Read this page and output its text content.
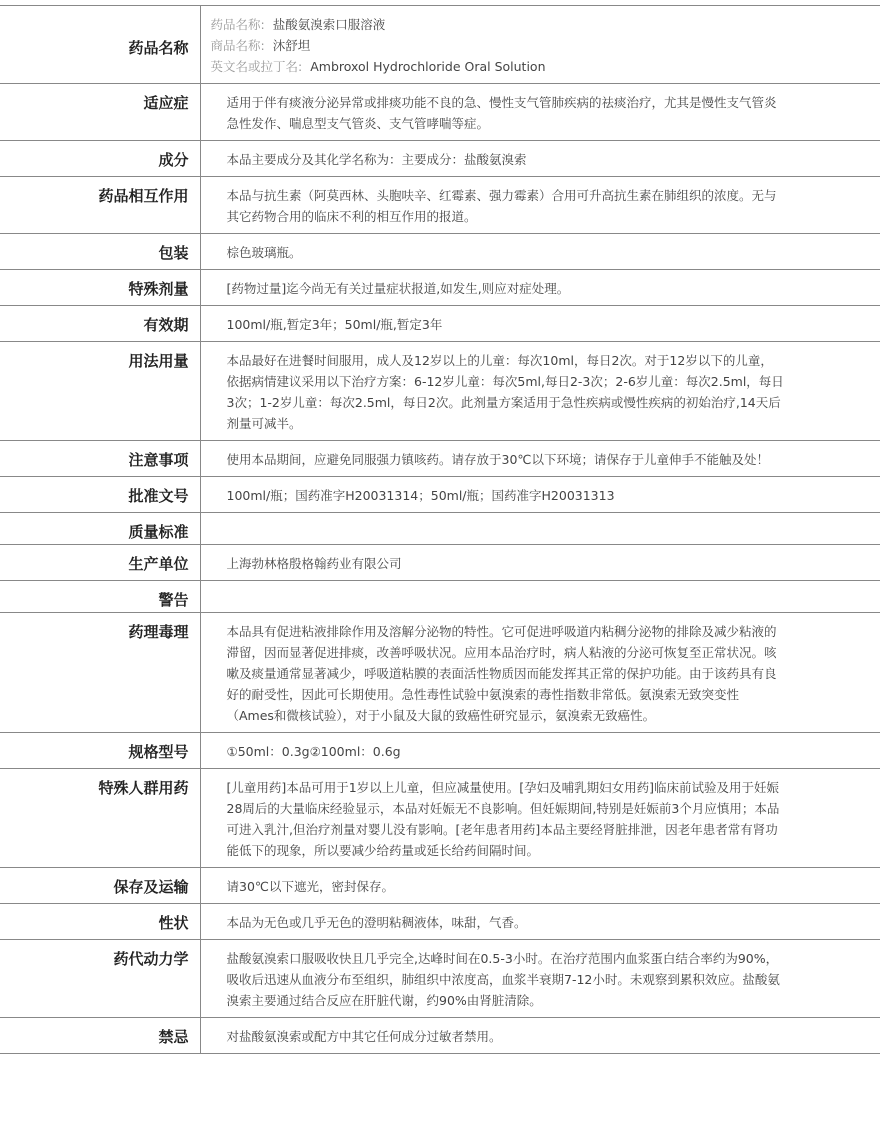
药品名称	药品名称: 盐酸氨溴索口服溶液
商品名称: 沐舒坦
英文名或拉丁名: Ambroxol Hydrochloride Oral Solution

适应症	适用于伴有痰液分泌异常或排痰功能不良的急、慢性支气管肺疾病的祛痰治疗，尤其是慢性支气管炎急性发作、喘息型支气管炎、支气管哮喘等症。
成分	本品主要成分及其化学名称为：主要成分：盐酸氨溴索
药品相互作用	本品与抗生素（阿莫西林、头胞呋辛、红霉素、强力霉素）合用可升高抗生素在肺组织的浓度。无与其它药物合用的临床不利的相互作用的报道。
包装	棕色玻璃瓶。
特殊剂量	[药物过量]迄今尚无有关过量症状报道,如发生,则应对症处理。
有效期	100ml/瓶,暂定3年；50ml/瓶,暂定3年
用法用量	本品最好在进餐时间服用，成人及12岁以上的儿童：每次10ml，每日2次。对于12岁以下的儿童，依据病情建议采用以下治疗方案：6-12岁儿童：每次5ml,每日2-3次；2-6岁儿童：每次2.5ml，每日3次；1-2岁儿童：每次2.5ml，每日2次。此剂量方案适用于急性疾病或慢性疾病的初始治疗,14天后剂量可减半。
注意事项	使用本品期间，应避免同服强力镇咳药。请存放于30℃以下环境；请保存于儿童伸手不能触及处！
批准文号	100ml/瓶；国药准字H20031314；50ml/瓶；国药准字H20031313
质量标准	
生产单位	上海勃林格殷格翰药业有限公司
警告	
药理毒理	本品具有促进粘液排除作用及溶解分泌物的特性。它可促进呼吸道内粘稠分泌物的排除及减少粘液的滞留，因而显著促进排痰，改善呼吸状况。应用本品治疗时，病人粘液的分泌可恢复至正常状况。咳嗽及痰量通常显著减少，呼吸道粘膜的表面活性物质因而能发挥其正常的保护功能。由于该药具有良好的耐受性，因此可长期使用。急性毒性试验中氨溴索的毒性指数非常低。氨溴索无致突变性（Ames和微核试验），对于小鼠及大鼠的致癌性研究显示，氨溴索无致癌性。
规格型号	①50ml：0.3g②100ml：0.6g
特殊人群用药	[儿童用药]本品可用于1岁以上儿童，但应减量使用。[孕妇及哺乳期妇女用药]临床前试验及用于妊娠28周后的大量临床经验显示，本品对妊娠无不良影响。但妊娠期间,特别是妊娠前3个月应慎用；本品可进入乳汁,但治疗剂量对婴儿没有影响。[老年患者用药]本品主要经肾脏排泄，因老年患者常有肾功能低下的现象，所以要减少给药量或延长给药间隔时间。
保存及运输	请30℃以下遮光，密封保存。
性状	本品为无色或几乎无色的澄明粘稠液体，味甜，气香。
药代动力学	盐酸氨溴索口服吸收快且几乎完全,达峰时间在0.5-3小时。在治疗范围内血浆蛋白结合率约为90%，吸收后迅速从血液分布至组织，肺组织中浓度高，血浆半衰期7-12小时。未观察到累积效应。盐酸氨溴索主要通过结合反应在肝脏代谢，约90%由肾脏清除。
禁忌	对盐酸氨溴索或配方中其它任何成分过敏者禁用。
